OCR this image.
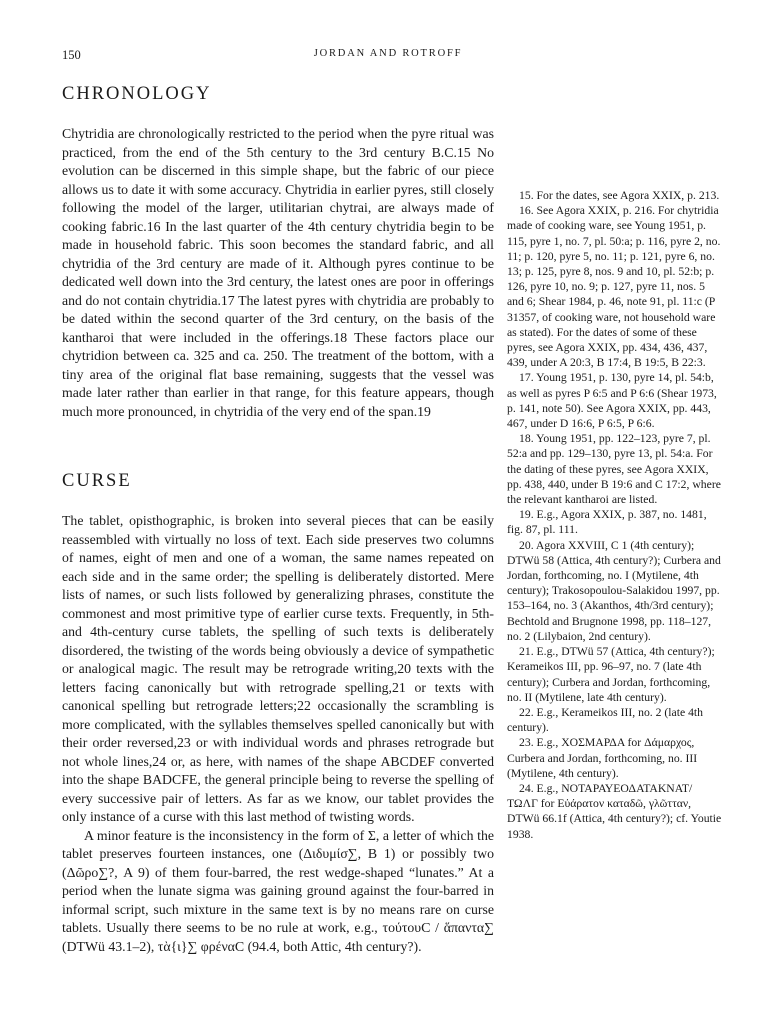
150	JORDAN AND ROTROFF
CHRONOLOGY

Chytridia are chronologically restricted to the period when the pyre ritual was practiced, from the end of the 5th century to the 3rd century B.C.15 No evolution can be discerned in this simple shape, but the fabric of our piece allows us to date it with some accuracy. Chytridia in earlier pyres, still closely following the model of the larger, utilitarian chytrai, are always made of cooking fabric.16 In the last quarter of the 4th century chytridia begin to be made in household fabric. This soon becomes the standard fabric, and all chytridia of the 3rd century are made of it. Although pyres continue to be dedicated well down into the 3rd century, the latest ones are poor in offerings and do not contain chytridia.17 The latest pyres with chytridia are probably to be dated within the second quarter of the 3rd century, on the basis of the kantharoi that were included in the offerings.18 These factors place our chytridion between ca. 325 and ca. 250. The treatment of the bottom, with a tiny area of the original flat base remaining, suggests that the vessel was made later rather than earlier in that range, for this feature appears, though much more pronounced, in chytridia of the very end of the span.19

CURSE

The tablet, opisthographic, is broken into several pieces that can be easily reassembled with virtually no loss of text. Each side preserves two columns of names, eight of men and one of a woman, the same names repeated on each side and in the same order; the spelling is deliberately distorted. Mere lists of names, or such lists followed by generalizing phrases, constitute the commonest and most primitive type of earlier curse texts. Frequently, in 5th- and 4th-century curse tablets, the spelling of such texts is deliberately disordered, the twisting of the words being obviously a device of sympathetic or analogical magic. The result may be retrograde writing,20 texts with the letters facing canonically but with retrograde spelling,21 or texts with canonical spelling but retrograde letters;22 occasionally the scrambling is more complicated, with the syllables themselves spelled canonically but with their order reversed,23 or with individual words and phrases retrograde but not whole lines,24 or, as here, with names of the shape ABCDEF converted into the shape BADCFE, the general principle being to reverse the spelling of every successive pair of letters. As far as we know, our tablet provides the only instance of a curse with this last method of twisting words.

A minor feature is the inconsistency in the form of Σ, a letter of which the tablet preserves fourteen instances, one (Διδυμίσ∑, B 1) or possibly two (Δῶρο∑?, A 9) of them four-barred, the rest wedge-shaped “lunates.” At a period when the lunate sigma was gaining ground against the four-barred in informal script, such mixture in the same text is by no means rare on curse tablets. Usually there seems to be no rule at work, e.g., τούτουϹ / ἅπαντα∑ (DTWü 43.1–2), τὰ{ι}∑ φρέναϹ (94.4, both Attic, 4th century?).

15. For the dates, see Agora XXIX, p. 213.

16. See Agora XXIX, p. 216. For chytridia made of cooking ware, see Young 1951, p. 115, pyre 1, no. 7, pl. 50:a; p. 116, pyre 2, no. 11; p. 120, pyre 5, no. 11; p. 121, pyre 6, no. 13; p. 125, pyre 8, nos. 9 and 10, pl. 52:b; p. 126, pyre 10, no. 9; p. 127, pyre 11, nos. 5 and 6; Shear 1984, p. 46, note 91, pl. 11:c (P 31357, of cooking ware, not household ware as stated). For the dates of some of these pyres, see Agora XXIX, pp. 434, 436, 437, 439, under A 20:3, B 17:4, B 19:5, B 22:3.

17. Young 1951, p. 130, pyre 14, pl. 54:b, as well as pyres P 6:5 and P 6:6 (Shear 1973, p. 141, note 50). See Agora XXIX, pp. 443, 467, under D 16:6, P 6:5, P 6:6.

18. Young 1951, pp. 122–123, pyre 7, pl. 52:a and pp. 129–130, pyre 13, pl. 54:a. For the dating of these pyres, see Agora XXIX, pp. 438, 440, under B 19:6 and C 17:2, where the relevant kantharoi are listed.

19. E.g., Agora XXIX, p. 387, no. 1481, fig. 87, pl. 111.

20. Agora XXVIII, C 1 (4th century); DTWü 58 (Attica, 4th century?); Curbera and Jordan, forthcoming, no. I (Mytilene, 4th century); Trakosopoulou-Salakidou 1997, pp. 153–164, no. 3 (Akanthos, 4th/3rd century); Bechtold and Brugnone 1998, pp. 118–127, no. 2 (Lilybaion, 2nd century).

21. E.g., DTWü 57 (Attica, 4th century?); Kerameikos III, pp. 96–97, no. 7 (late 4th century); Curbera and Jordan, forthcoming, no. II (Mytilene, late 4th century).

22. E.g., Kerameikos III, no. 2 (late 4th century).

23. E.g., ΧΟΣΜΑΡΔΑ for Δάμαρχος, Curbera and Jordan, forthcoming, no. III (Mytilene, 4th century).

24. E.g., ΝΟΤΑΡΑΥΕΟΔΑΤΑΚΝΑΤ/ΤΩΛΓ for Εὐάρατον καταδῶ, γλῶτταν, DTWü 66.1f (Attica, 4th century?); cf. Youtie 1938.
